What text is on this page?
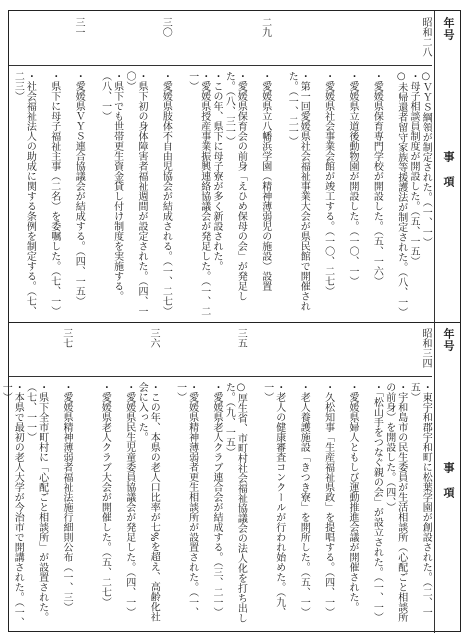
年号
事項
昭和二八
○ＶＹＳ綱領が制定された。（一、一）
・母子相談員制度が開設した。（五、一五）
○未帰還者留守家族等援護法が制定された。（八、一）
・愛媛県保育専門学校が開設した。（五、一六）
・愛媛県立道後動物園が開設した。（一〇、一）
・愛媛県社会事業会館が竣工する。（一〇、二七）
・第一回愛媛県社会福祉事業大会が県民館で開催された。（一、二一）
二九
・愛媛県立八幡浜学園（精神薄弱児の施設）設置
・愛媛県保育会の前身「えひめ保母の会」が発足した。（八、三一）
・この年、県下に母子寮が多く新設された。
・愛媛県授産事業振興連絡協議会が発足した。（一、二一）
三〇
・愛媛県肢体不自由児協会が結成される。（一、二七）
・県下初の身体障害者福祉週間が設定された。（四、一〇）
・県下でも世帯更生資金貸し付け制度を実施する。（八、一）
三一
・愛媛県ＶＹＳ連合協議会が結成する。（四、一五）
・県下に母子福祉主事（二名）を委嘱した。（七、一）
・社会福祉法人の助成に関する条例を制定する。（七、二三）
年号
事項
昭和三四
・東宇和郡宇和町に松葉学園が創設された。（二、一五）
・宇和島市の民生委員が生活相談所（心配ごと相談所の前身）を開設した。（四、）
・「松山手をつなぐ親の会」が設立された。（一、一）
・愛媛県婦人ともしび運動推進会議が開催された。
・久松知事「生産福祉県政」を提唱する。（四、一）
・老人養護施設「きつき寮」を開所した。（五、一）
・老人の健康審査コンクールが行われ始めた。（九、一）
三五
○厚生省、市町村社会福祉協議会の法人化を打ち出した。（九、一五）
・愛媛県老人クラブ連合会が結成する。（三、二一）
・愛媛県精神薄弱者更生相談所が設置された。（一、一）
三六
・この年、本県の老人口比率が七%を超え、高齢化社会に入った。
・愛媛県民生児童委員協議会が発足した。（四、一）
・愛媛県老人クラブ大会が開催した。（五、二七）
三七
・愛媛県精神薄弱者福祉法施行細則公布（一、三）
・県下全市町村に「心配ごと相談所」が設置された。（七、一一）
・本県で最初の老人大学が今治市で開講された。（一、一）
